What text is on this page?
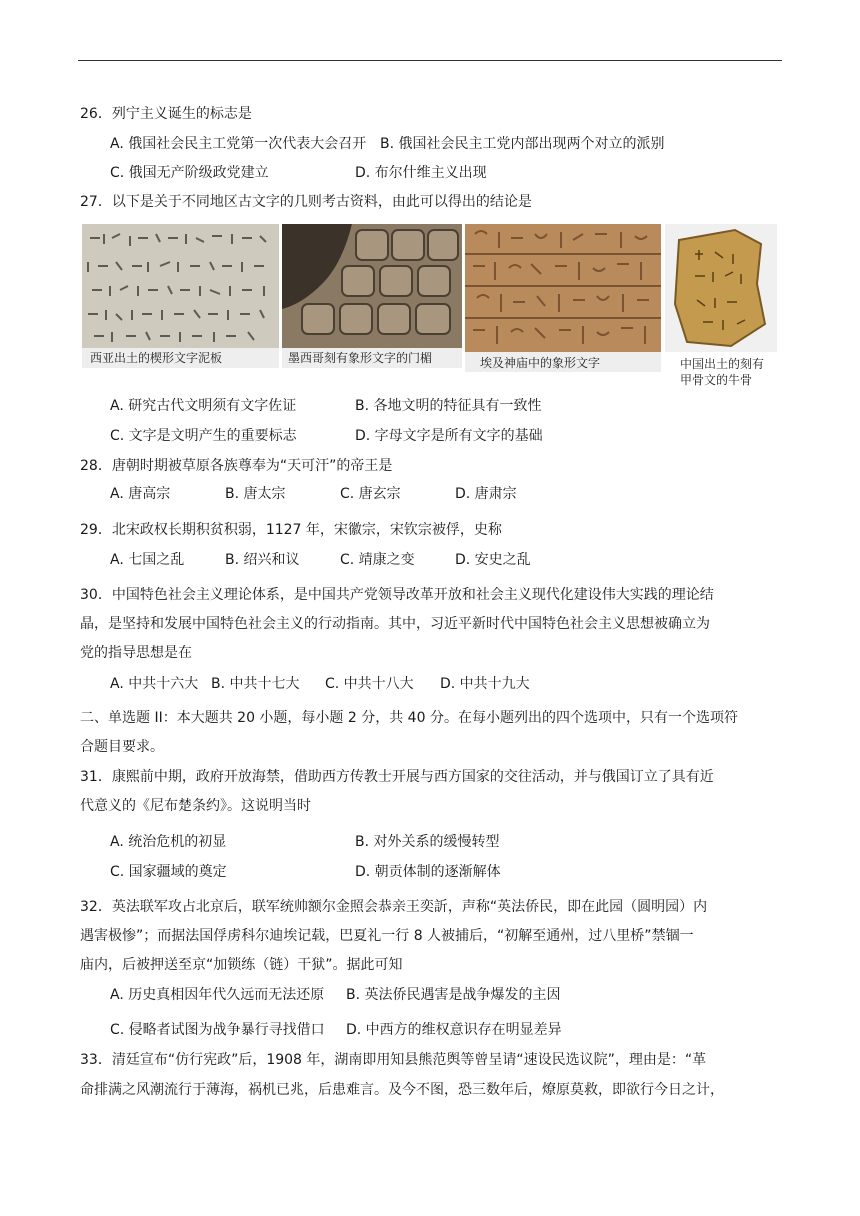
26．列宁主义诞生的标志是
A. 俄国社会民主工党第一次代表大会召开 B. 俄国社会民主工党内部出现两个对立的派别
C. 俄国无产阶级政党建立	D. 布尔什维主义出现
27．以下是关于不同地区古文字的几则考古资料，由此可以得出的结论是
西亚出土的楔形文字泥板	墨西哥刻有象形文字的门楣	埃及神庙中的象形文字	中国出土的刻有
甲骨文的牛骨
A. 研究古代文明须有文字佐证	B. 各地文明的特征具有一致性
C. 文字是文明产生的重要标志	D. 字母文字是所有文字的基础
28．唐朝时期被草原各族尊奉为“天可汗”的帝王是
A. 唐高宗	B. 唐太宗	C. 唐玄宗	D. 唐肃宗
29．北宋政权长期积贫积弱，1127 年，宋徽宗，宋钦宗被俘，史称
A. 七国之乱	B. 绍兴和议	C. 靖康之变	D. 安史之乱
30．中国特色社会主义理论体系，是中国共产党领导改革开放和社会主义现代化建设伟大实践的理论结
晶，是坚持和发展中国特色社会主义的行动指南。其中，习近平新时代中国特色社会主义思想被确立为
党的指导思想是在
A. 中共十六大 B. 中共十七大 C. 中共十八大 D. 中共十九大
二、单选题 II：本大题共 20 小题，每小题 2 分，共 40 分。在每小题列出的四个选项中，只有一个选项符
合题目要求。
31．康熙前中期，政府开放海禁，借助西方传教士开展与西方国家的交往活动，并与俄国订立了具有近
代意义的《尼布楚条约》。这说明当时
A. 统治危机的初显	B. 对外关系的缓慢转型
C. 国家疆域的奠定	D. 朝贡体制的逐渐解体
32．英法联军攻占北京后，联军统帅额尔金照会恭亲王奕訢，声称“英法侨民，即在此园（圆明园）内
遇害极惨”；而据法国俘虏科尔迪埃记载，巴夏礼一行 8 人被捕后，“初解至通州，过八里桥”禁锢一
庙内，后被押送至京“加锁练（链）干狱”。据此可知
A. 历史真相因年代久远而无法还原 B. 英法侨民遇害是战争爆发的主因
C. 侵略者试图为战争暴行寻找借口 D. 中西方的维权意识存在明显差异
33．清廷宣布“仿行宪政”后，1908 年，湖南即用知县熊范舆等曾呈请“速设民选议院”，理由是：“革
命排满之风潮流行于薄海，祸机已兆，后患难言。及今不图，恐三数年后，燎原莫救，即欲行今日之计，
